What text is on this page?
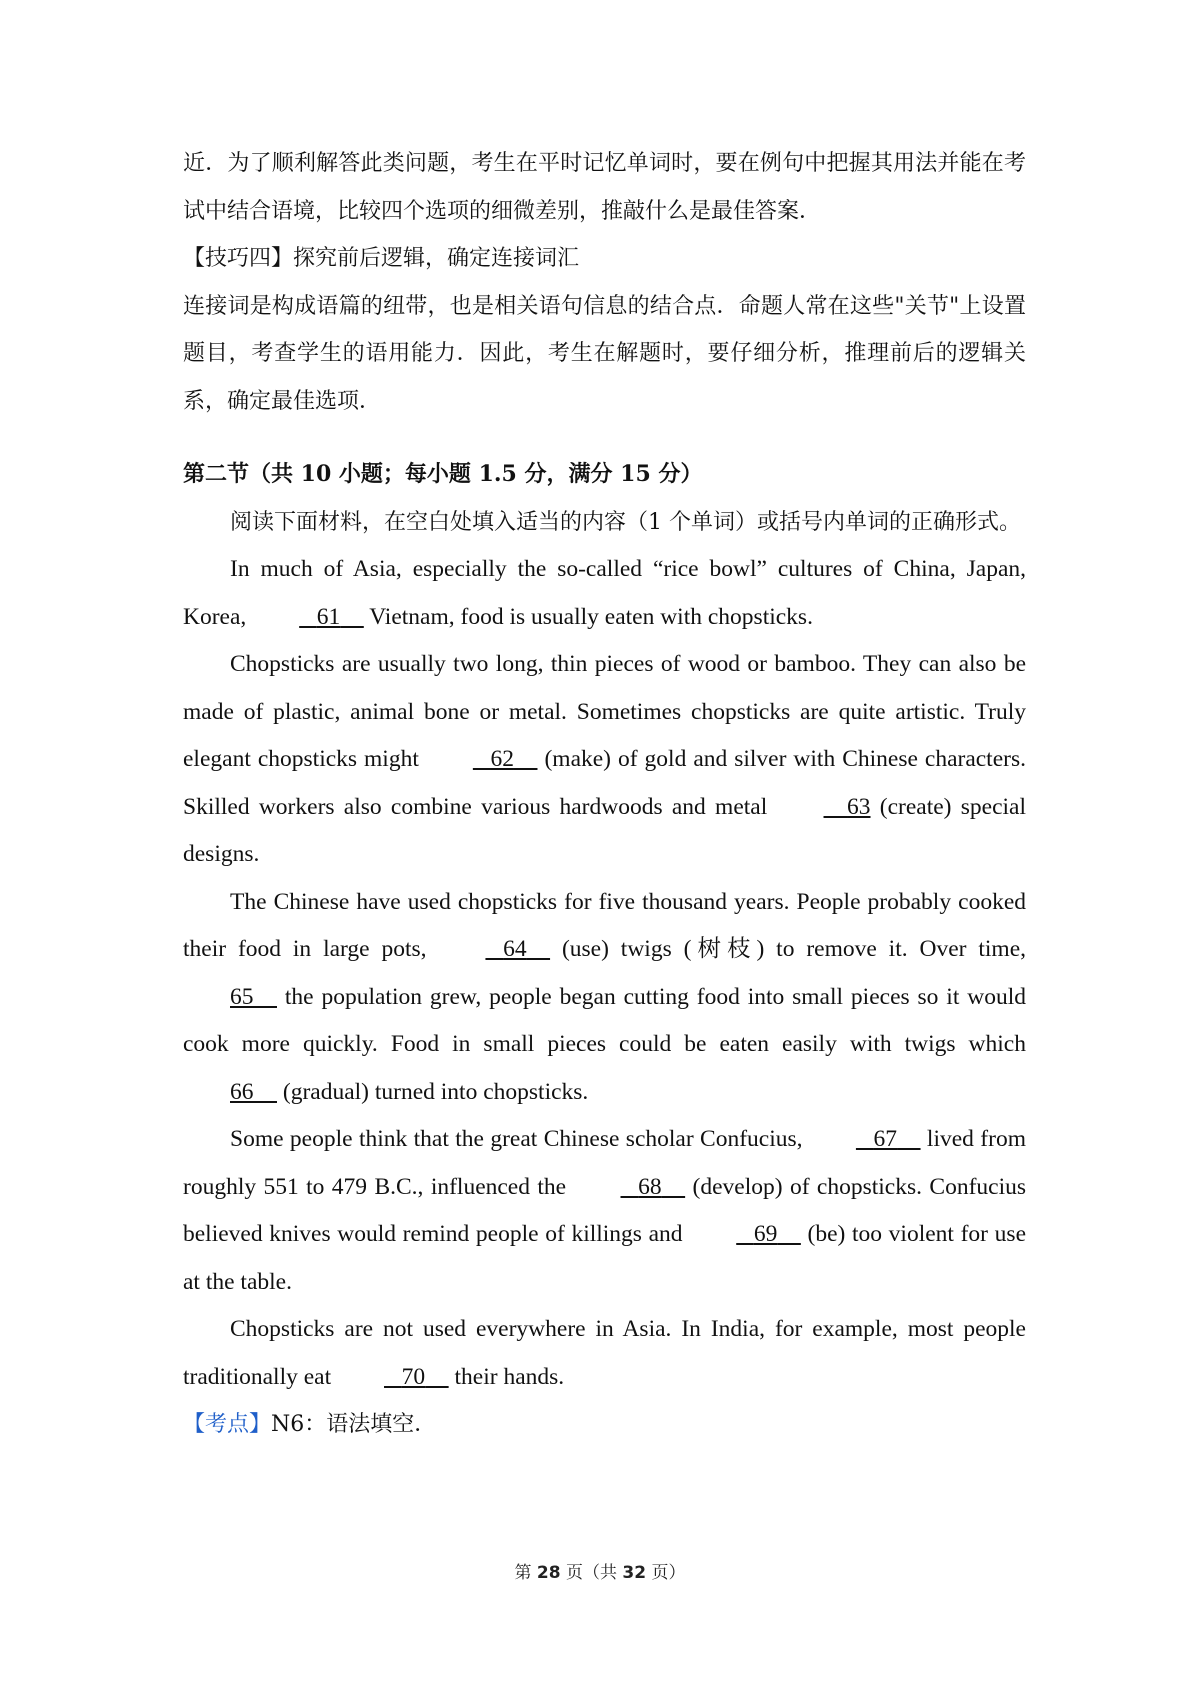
近．为了顺利解答此类问题，考生在平时记忆单词时，要在例句中把握其用法并能在考试中结合语境，比较四个选项的细微差别，推敲什么是最佳答案．

【技巧四】探究前后逻辑，确定连接词汇

连接词是构成语篇的纽带，也是相关语句信息的结合点．命题人常在这些"关节"上设置题目，考查学生的语用能力．因此，考生在解题时，要仔细分析，推理前后的逻辑关系，确定最佳选项．

第二节（共 10 小题；每小题 1.5 分，满分 15 分）

阅读下面材料，在空白处填入适当的内容（1 个单词）或括号内单词的正确形式。

In much of Asia, especially the so-called “rice bowl” cultures of China, Japan, Korea,	61     Vietnam, food is usually eaten with chopsticks.

Chopsticks are usually two long, thin pieces of wood or bamboo. They can also be made of plastic, animal bone or metal. Sometimes chopsticks are quite artistic. Truly elegant chopsticks might	62     (make) of gold and silver with Chinese characters. Skilled workers also combine various hardwoods and metal	63 (create) special designs.

The Chinese have used chopsticks for five thousand years. People probably cooked their food in large pots,	64     (use) twigs (树枝) to remove it. Over time, 65     the population grew, people began cutting food into small pieces so it would cook more quickly. Food in small pieces could be eaten easily with twigs which 66     (gradual) turned into chopsticks.

Some people think that the great Chinese scholar Confucius,	67     lived from roughly 551 to 479 B.C., influenced the	68     (develop) of chopsticks. Confucius believed knives would remind people of killings and	69     (be) too violent for use at the table.

Chopsticks are not used everywhere in Asia. In India, for example, most people traditionally eat	70     their hands.

【考点】N6：语法填空．

第 28 页（共 32 页）
